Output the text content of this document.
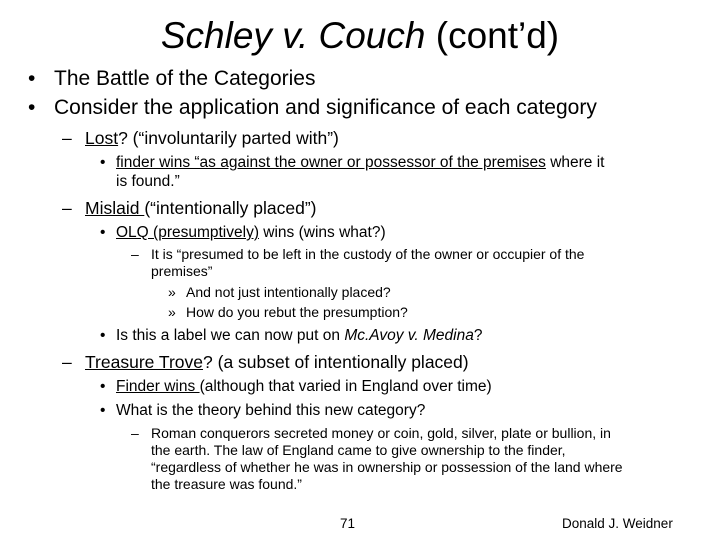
Schley v. Couch (cont’d)
• The Battle of the Categories
• Consider the application and significance of each category
– Lost? (“involuntarily parted with”)
• finder wins “as against the owner or possessor of the premises where it
is found.”
– Mislaid (“intentionally placed”)
• OLQ (presumptively) wins (wins what?)
– It is “presumed to be left in the custody of the owner or occupier of the
premises”
» And not just intentionally placed?
» How do you rebut the presumption?
• Is this a label we can now put on Mc.Avoy v. Medina?
– Treasure Trove? (a subset of intentionally placed)
• Finder wins (although that varied in England over time)
• What is the theory behind this new category?
– Roman conquerors secreted money or coin, gold, silver, plate or bullion, in
the earth. The law of England came to give ownership to the finder,
“regardless of whether he was in ownership or possession of the land where
the treasure was found.”
71	Donald J. Weidner
